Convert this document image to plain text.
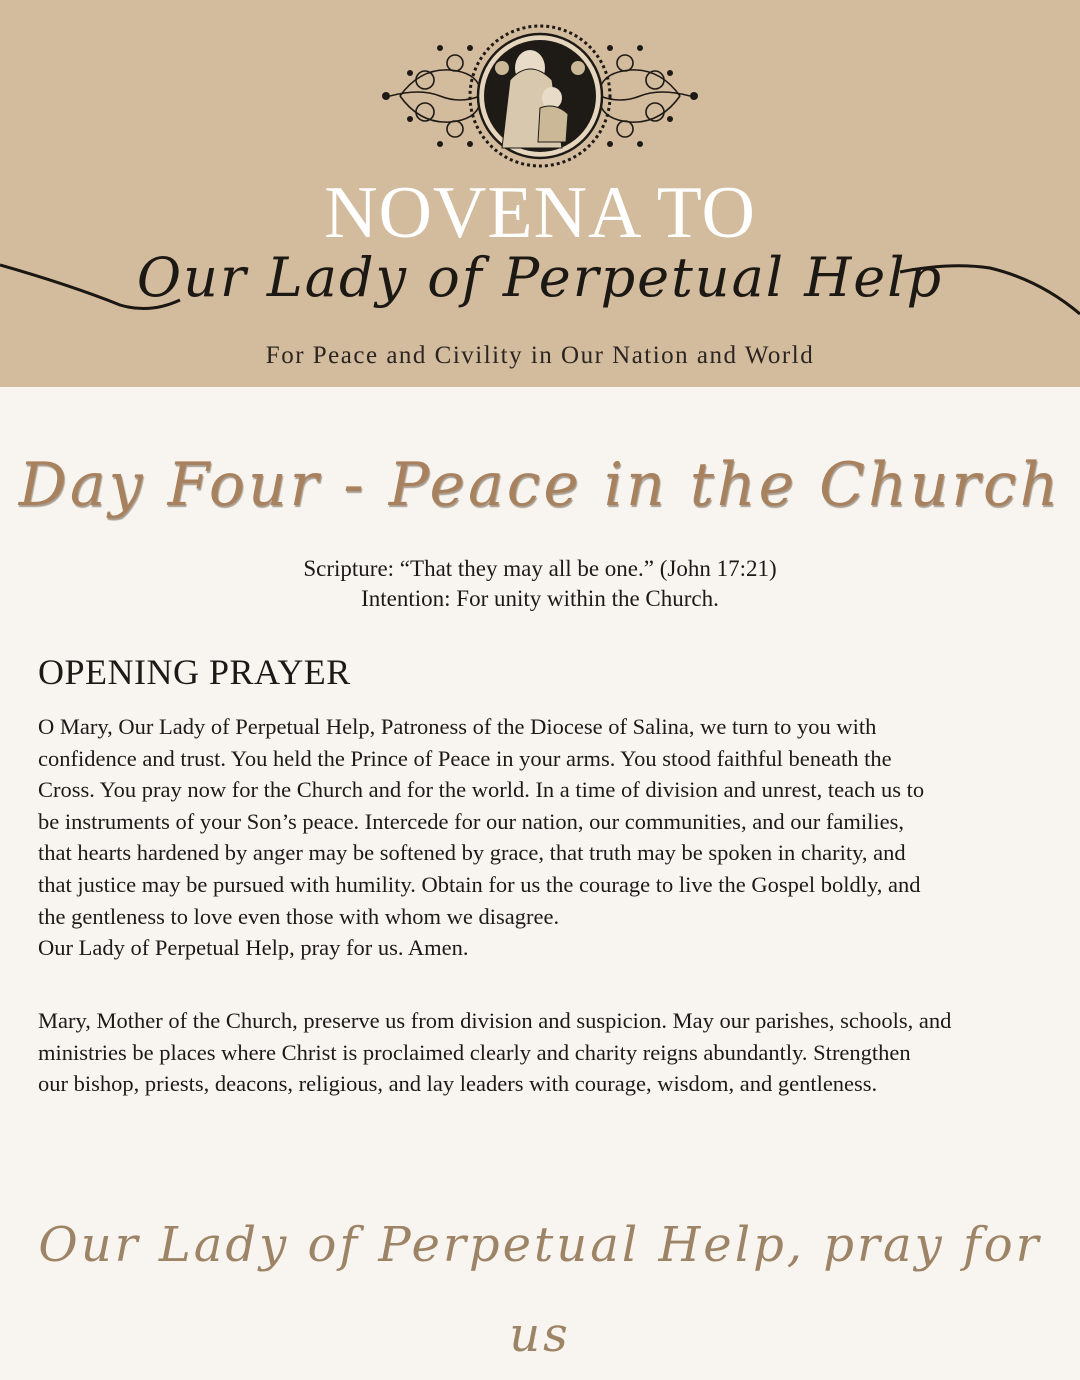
NOVENA TO
Our Lady of Perpetual Help
For Peace and Civility in Our Nation and World
Day Four - Peace in the Church
Scripture: “That they may all be one.” (John 17:21)
Intention: For unity within the Church.
OPENING PRAYER
O Mary, Our Lady of Perpetual Help, Patroness of the Diocese of Salina, we turn to you with
confidence and trust. You held the Prince of Peace in your arms. You stood faithful beneath the
Cross. You pray now for the Church and for the world. In a time of division and unrest, teach us to
be instruments of your Son’s peace. Intercede for our nation, our communities, and our families,
that hearts hardened by anger may be softened by grace, that truth may be spoken in charity, and
that justice may be pursued with humility. Obtain for us the courage to live the Gospel boldly, and
the gentleness to love even those with whom we disagree.
Our Lady of Perpetual Help, pray for us. Amen.
Mary, Mother of the Church, preserve us from division and suspicion. May our parishes, schools, and
ministries be places where Christ is proclaimed clearly and charity reigns abundantly. Strengthen
our bishop, priests, deacons, religious, and lay leaders with courage, wisdom, and gentleness.
Our Lady of Perpetual Help, pray for us
